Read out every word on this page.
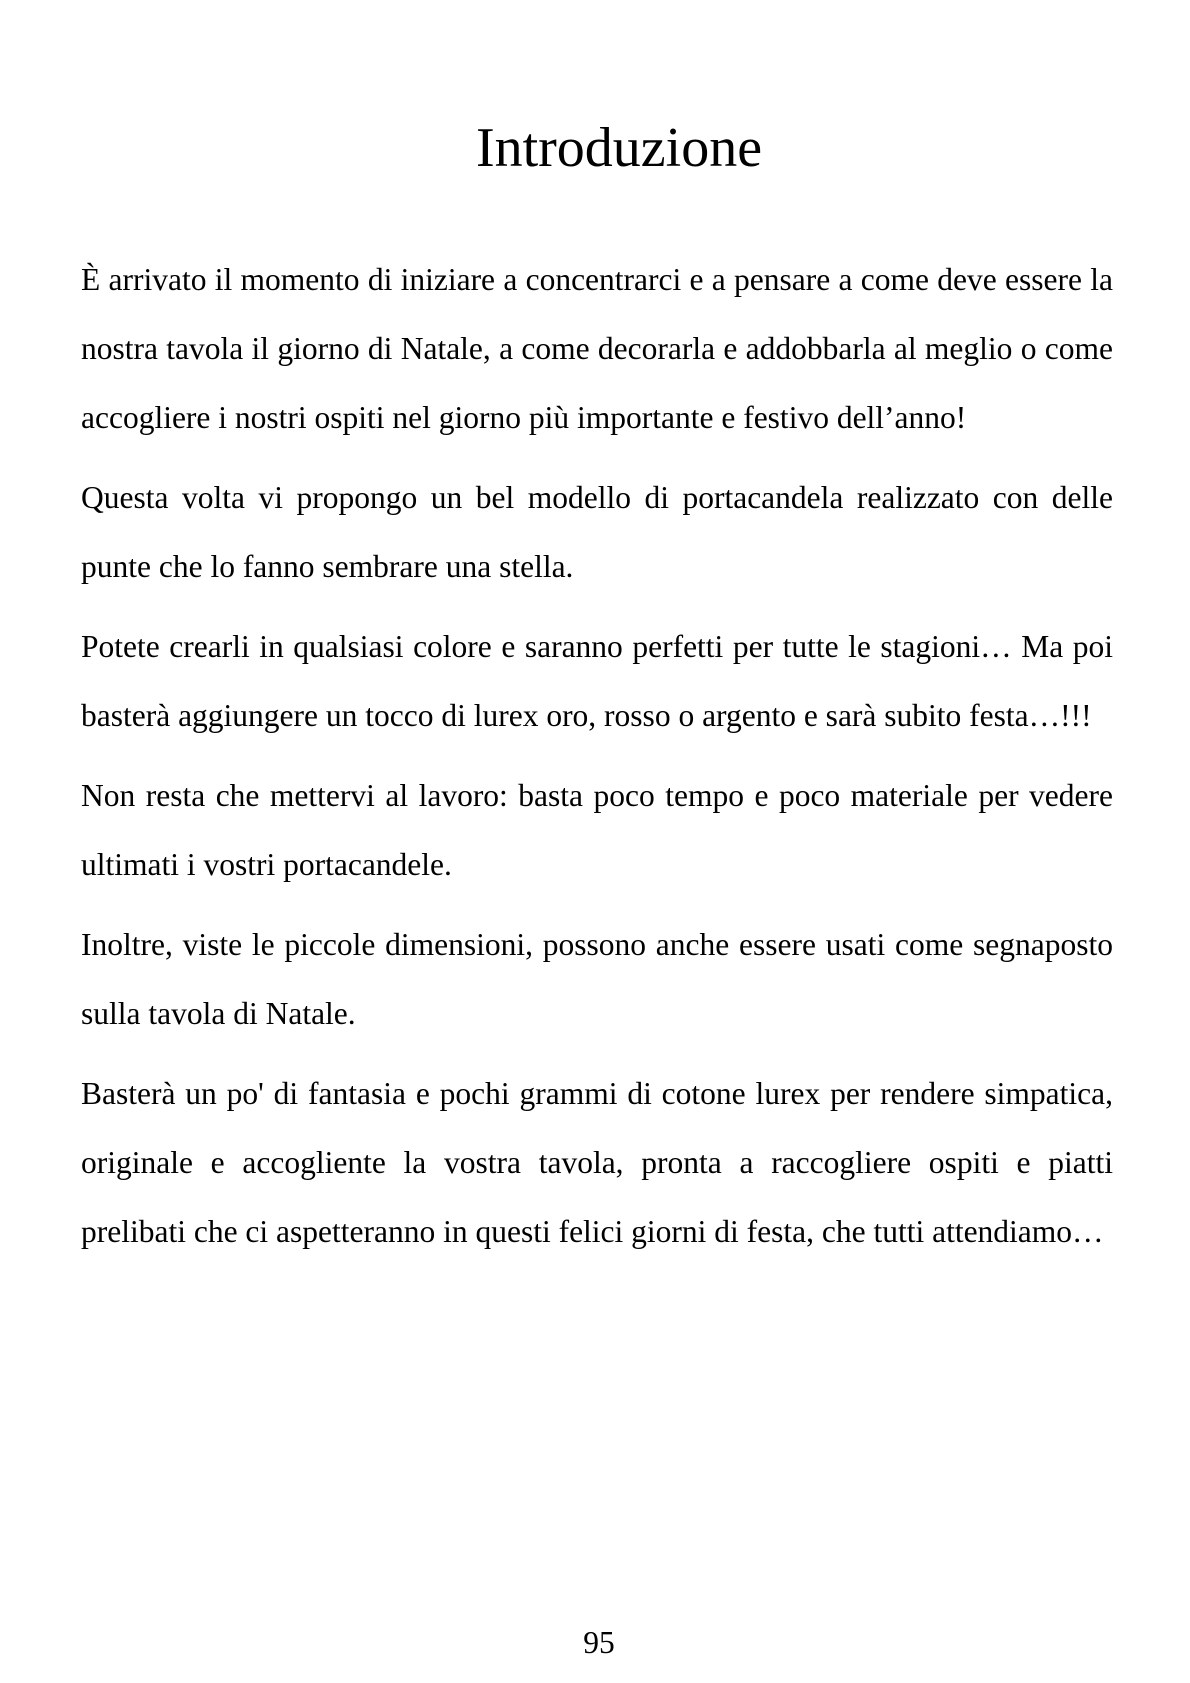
Introduzione

È arrivato il momento di iniziare a concentrarci e a pensare a come deve essere la nostra tavola il giorno di Natale, a come decorarla e addobbarla al meglio o come accogliere i nostri ospiti nel giorno più importante e festivo dell’anno!

Questa volta vi propongo un bel modello di portacandela realizzato con delle punte che lo fanno sembrare una stella.

Potete crearli in qualsiasi colore e saranno perfetti per tutte le stagioni… Ma poi basterà aggiungere un tocco di lurex oro, rosso o argento e sarà subito festa…!!!

Non resta che mettervi al lavoro: basta poco tempo e poco materiale per vedere ultimati i vostri portacandele.

Inoltre, viste le piccole dimensioni, possono anche essere usati come segnaposto sulla tavola di Natale.

Basterà un po' di fantasia e pochi grammi di cotone lurex per rendere simpatica, originale e accogliente la vostra tavola, pronta a raccogliere ospiti e piatti prelibati che ci aspetteranno in questi felici giorni di festa, che tutti attendiamo…

95
